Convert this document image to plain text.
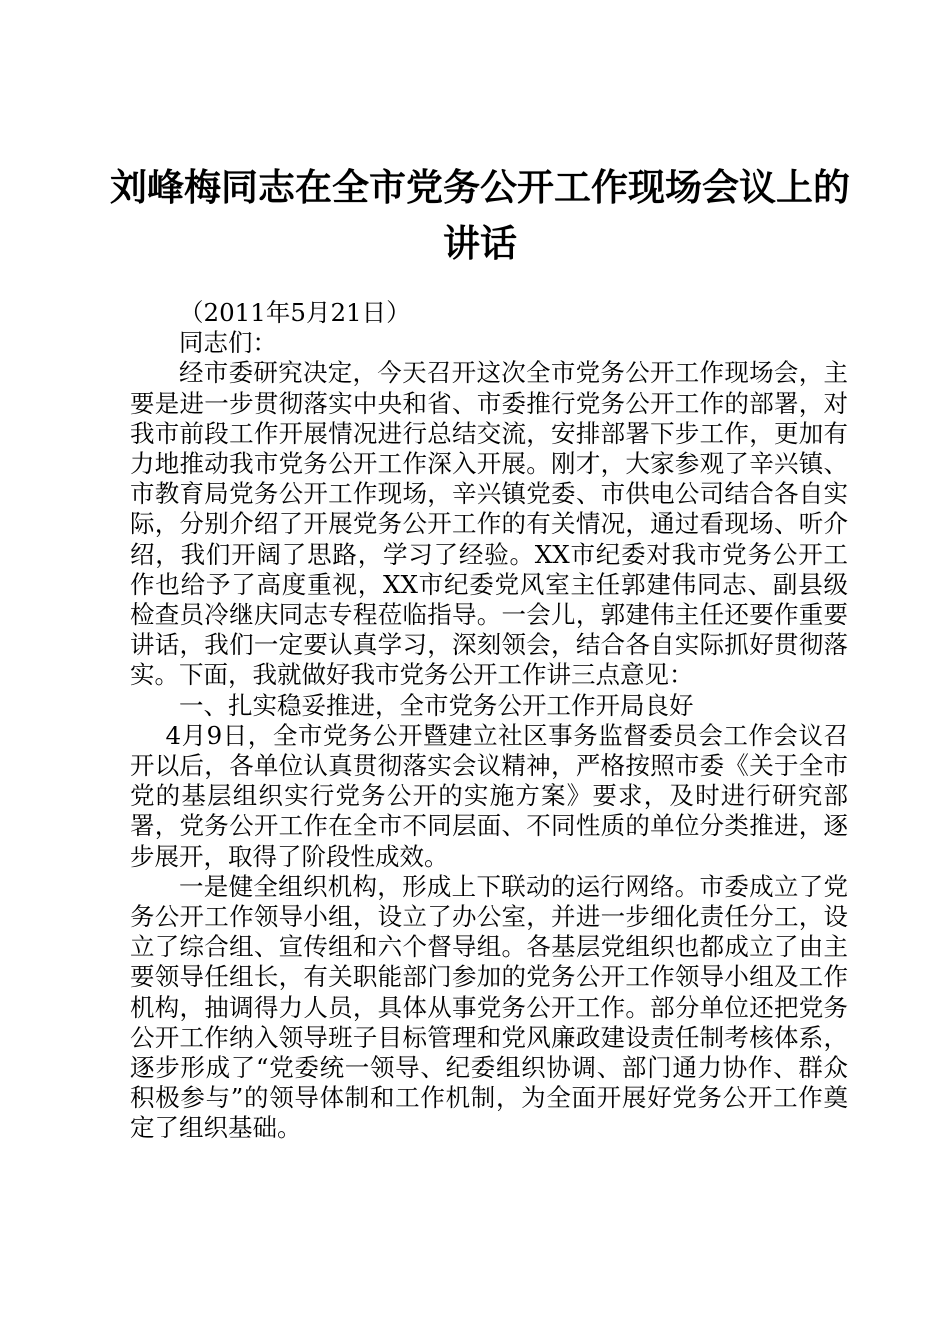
刘峰梅同志在全市党务公开工作现场会议上的
讲话

（2011年5月21日）

同志们：

经市委研究决定，今天召开这次全市党务公开工作现场会，主要是进一步贯彻落实中央和省、市委推行党务公开工作的部署，对我市前段工作开展情况进行总结交流，安排部署下步工作，更加有力地推动我市党务公开工作深入开展。刚才，大家参观了辛兴镇、市教育局党务公开工作现场，辛兴镇党委、市供电公司结合各自实际，分别介绍了开展党务公开工作的有关情况，通过看现场、听介绍，我们开阔了思路，学习了经验。XX市纪委对我市党务公开工作也给予了高度重视，XX市纪委党风室主任郭建伟同志、副县级检查员冷继庆同志专程莅临指导。一会儿，郭建伟主任还要作重要讲话，我们一定要认真学习，深刻领会，结合各自实际抓好贯彻落实。下面，我就做好我市党务公开工作讲三点意见：

一、扎实稳妥推进，全市党务公开工作开局良好

4月9日，全市党务公开暨建立社区事务监督委员会工作会议召开以后，各单位认真贯彻落实会议精神，严格按照市委《关于全市党的基层组织实行党务公开的实施方案》要求，及时进行研究部署，党务公开工作在全市不同层面、不同性质的单位分类推进，逐步展开，取得了阶段性成效。

一是健全组织机构，形成上下联动的运行网络。市委成立了党务公开工作领导小组，设立了办公室，并进一步细化责任分工，设立了综合组、宣传组和六个督导组。各基层党组织也都成立了由主要领导任组长，有关职能部门参加的党务公开工作领导小组及工作机构，抽调得力人员，具体从事党务公开工作。部分单位还把党务公开工作纳入领导班子目标管理和党风廉政建设责任制考核体系，逐步形成了“党委统一领导、纪委组织协调、部门通力协作、群众积极参与”的领导体制和工作机制，为全面开展好党务公开工作奠定了组织基础。
